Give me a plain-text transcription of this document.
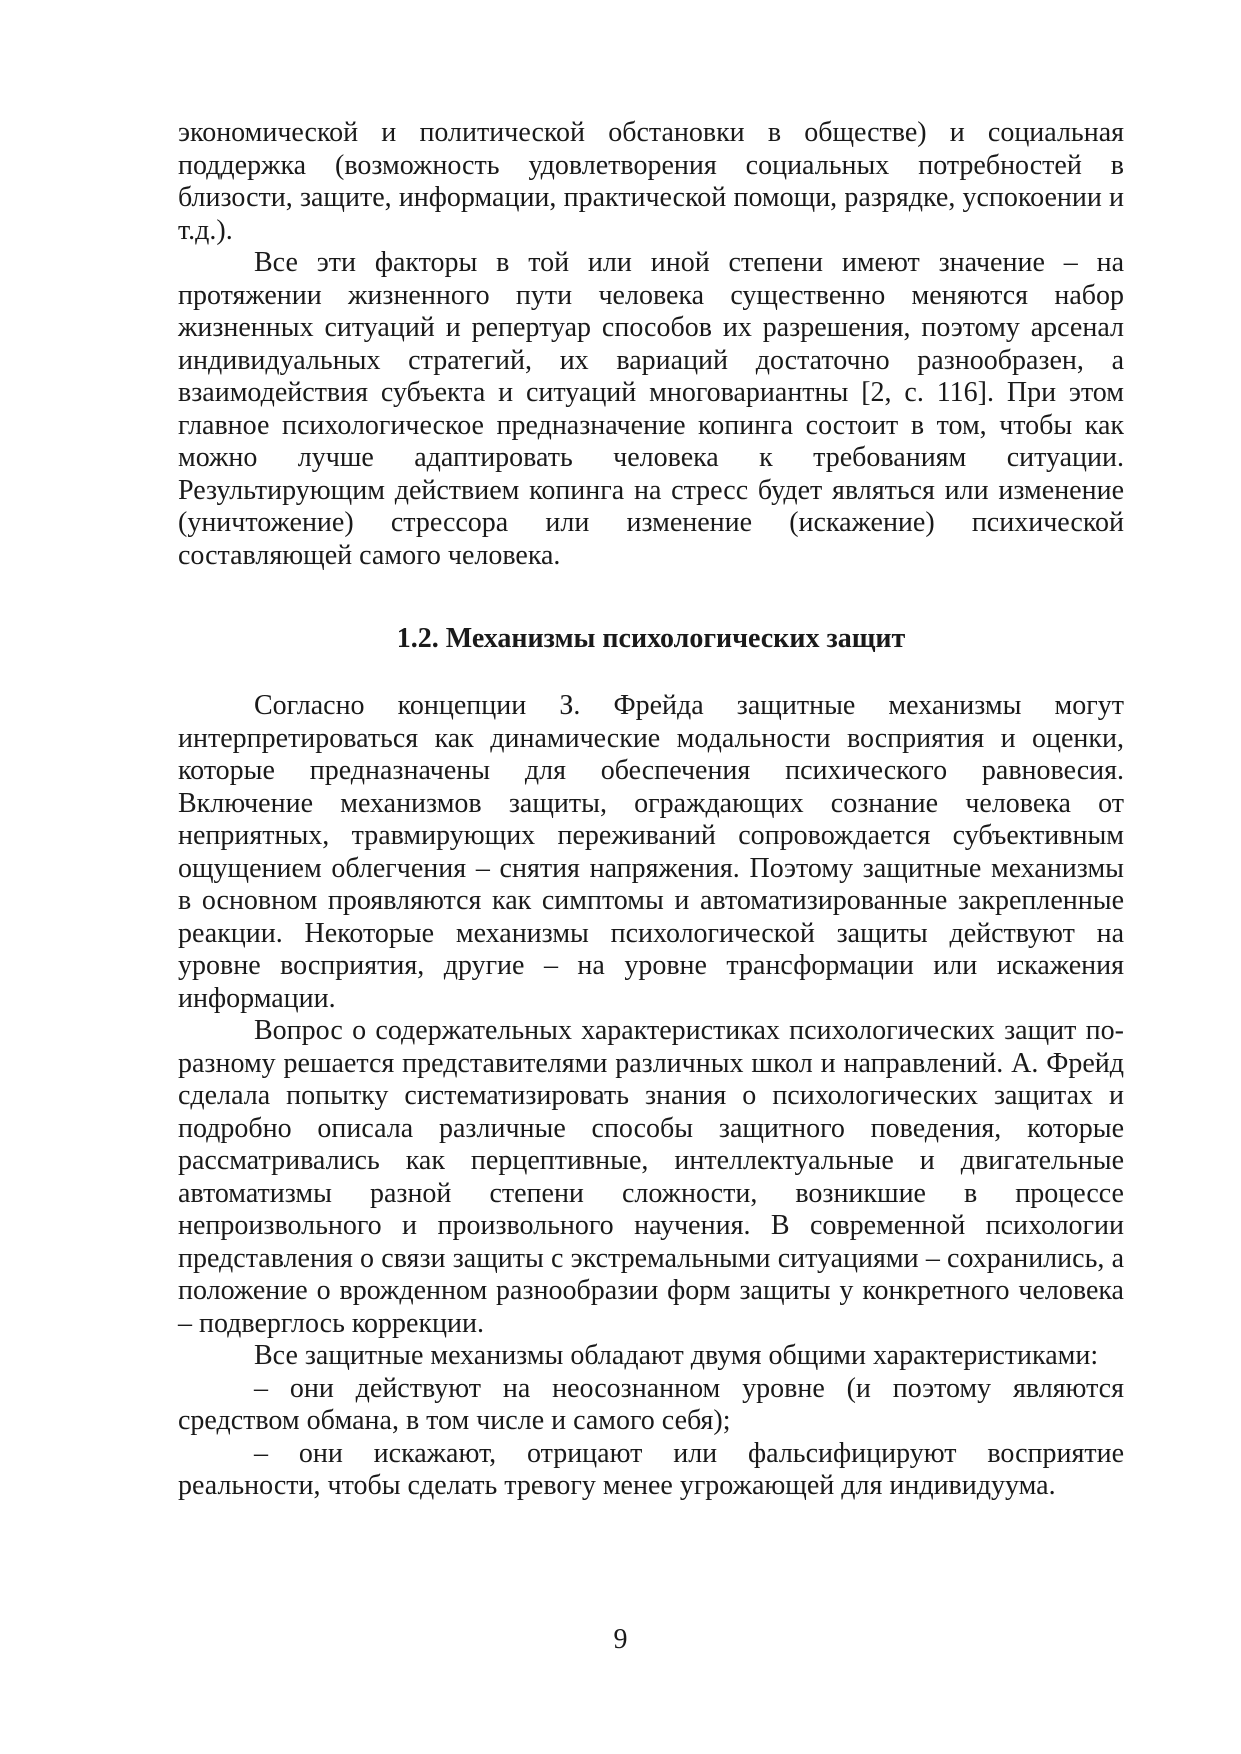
экономической и политической обстановки в обществе) и социальная поддержка (возможность удовлетворения социальных потребностей в близости, защите, информации, практической помощи, разрядке, успокоении и т.д.).

Все эти факторы в той или иной степени имеют значение – на протяжении жизненного пути человека существенно меняются набор жизненных ситуаций и репертуар способов их разрешения, поэтому арсенал индивидуальных стратегий, их вариаций достаточно разнообразен, а взаимодействия субъекта и ситуаций многовариантны [2, с. 116]. При этом главное психологическое предназначение копинга состоит в том, чтобы как можно лучше адаптировать человека к требованиям ситуации. Результирующим действием копинга на стресс будет являться или изменение (уничтожение) стрессора или изменение (искажение) психической составляющей самого человека.

1.2. Механизмы психологических защит

Согласно концепции З. Фрейда защитные механизмы могут интерпретироваться как динамические модальности восприятия и оценки, которые предназначены для обеспечения психического равновесия. Включение механизмов защиты, ограждающих сознание человека от неприятных, травмирующих переживаний сопровождается субъективным ощущением облегчения – снятия напряжения. Поэтому защитные механизмы в основном проявляются как симптомы и автоматизированные закрепленные реакции. Некоторые механизмы психологической защиты действуют на уровне восприятия, другие – на уровне трансформации или искажения информации.

Вопрос о содержательных характеристиках психологических защит по-разному решается представителями различных школ и направлений. А. Фрейд сделала попытку систематизировать знания о психологических защитах и подробно описала различные способы защитного поведения, которые рассматривались как перцептивные, интеллектуальные и двигательные автоматизмы разной степени сложности, возникшие в процессе непроизвольного и произвольного научения. В современной психологии представления о связи защиты с экстремальными ситуациями – сохранились, а положение о врожденном разнообразии форм защиты у конкретного человека – подверглось коррекции.

Все защитные механизмы обладают двумя общими характеристиками:

– они действуют на неосознанном уровне (и поэтому являются средством обмана, в том числе и самого себя);

– они искажают, отрицают или фальсифицируют восприятие реальности, чтобы сделать тревогу менее угрожающей для индивидуума.

9
